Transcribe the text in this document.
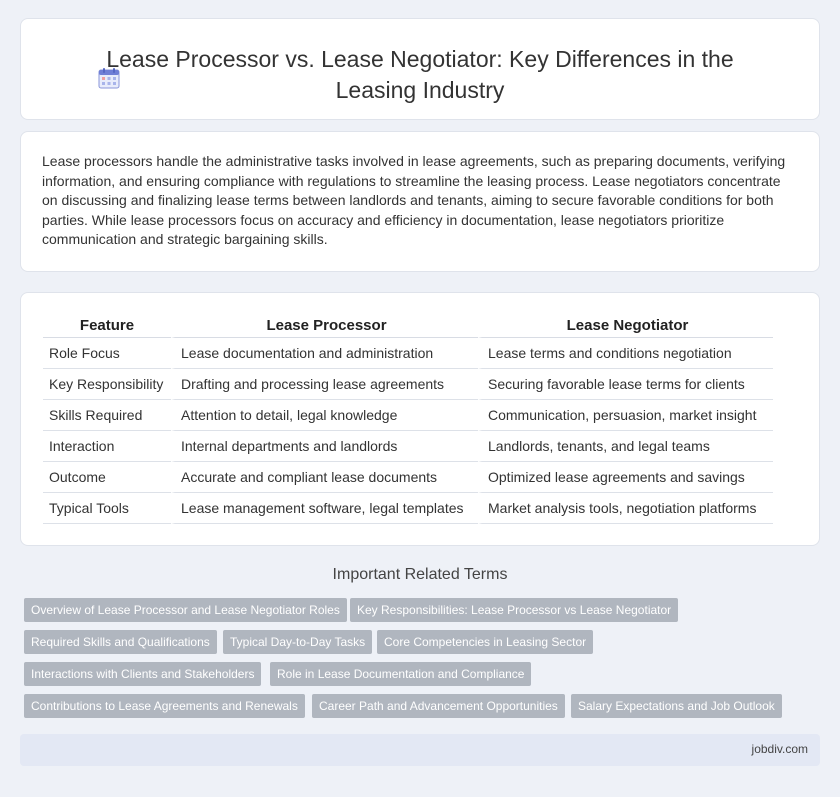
Lease Processor vs. Lease Negotiator: Key Differences in the Leasing Industry
Lease processors handle the administrative tasks involved in lease agreements, such as preparing documents, verifying information, and ensuring compliance with regulations to streamline the leasing process. Lease negotiators concentrate on discussing and finalizing lease terms between landlords and tenants, aiming to secure favorable conditions for both parties. While lease processors focus on accuracy and efficiency in documentation, lease negotiators prioritize communication and strategic bargaining skills.
Feature	Lease Processor	Lease Negotiator
Role Focus	Lease documentation and administration	Lease terms and conditions negotiation
Key Responsibility	Drafting and processing lease agreements	Securing favorable lease terms for clients
Skills Required	Attention to detail, legal knowledge	Communication, persuasion, market insight
Interaction	Internal departments and landlords	Landlords, tenants, and legal teams
Outcome	Accurate and compliant lease documents	Optimized lease agreements and savings
Typical Tools	Lease management software, legal templates	Market analysis tools, negotiation platforms
Important Related Terms
Overview of Lease Processor and Lease Negotiator Roles	Key Responsibilities: Lease Processor vs Lease Negotiator
Required Skills and Qualifications	Typical Day-to-Day Tasks	Core Competencies in Leasing Sector
Interactions with Clients and Stakeholders	Role in Lease Documentation and Compliance
Contributions to Lease Agreements and Renewals	Career Path and Advancement Opportunities	Salary Expectations and Job Outlook
jobdiv.com
